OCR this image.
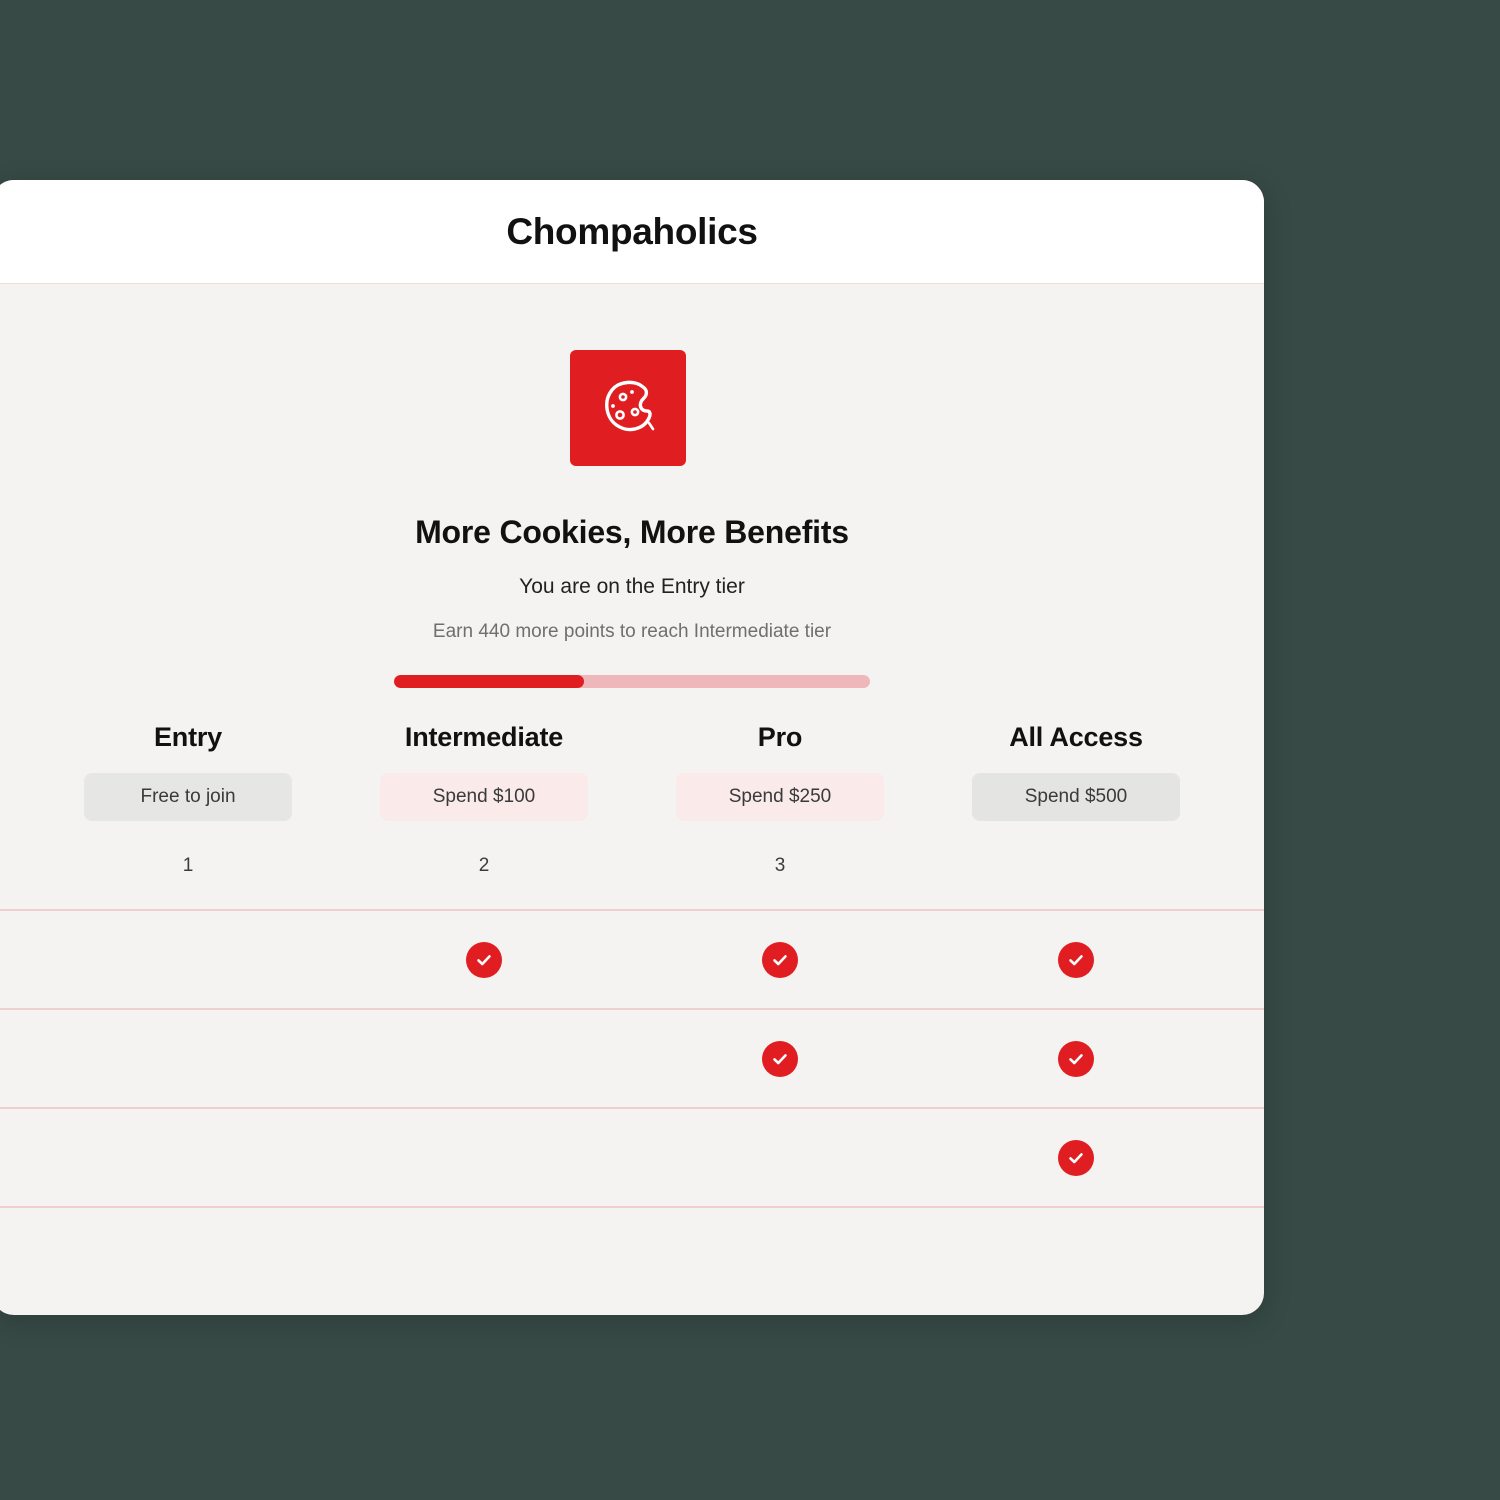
Chompaholics
More Cookies, More Benefits
You are on the Entry tier
Earn 440 more points to reach Intermediate tier
Entry
Free to join
Intermediate
Spend $100
Pro
Spend $250
All Access
Spend $500
1	2	3
